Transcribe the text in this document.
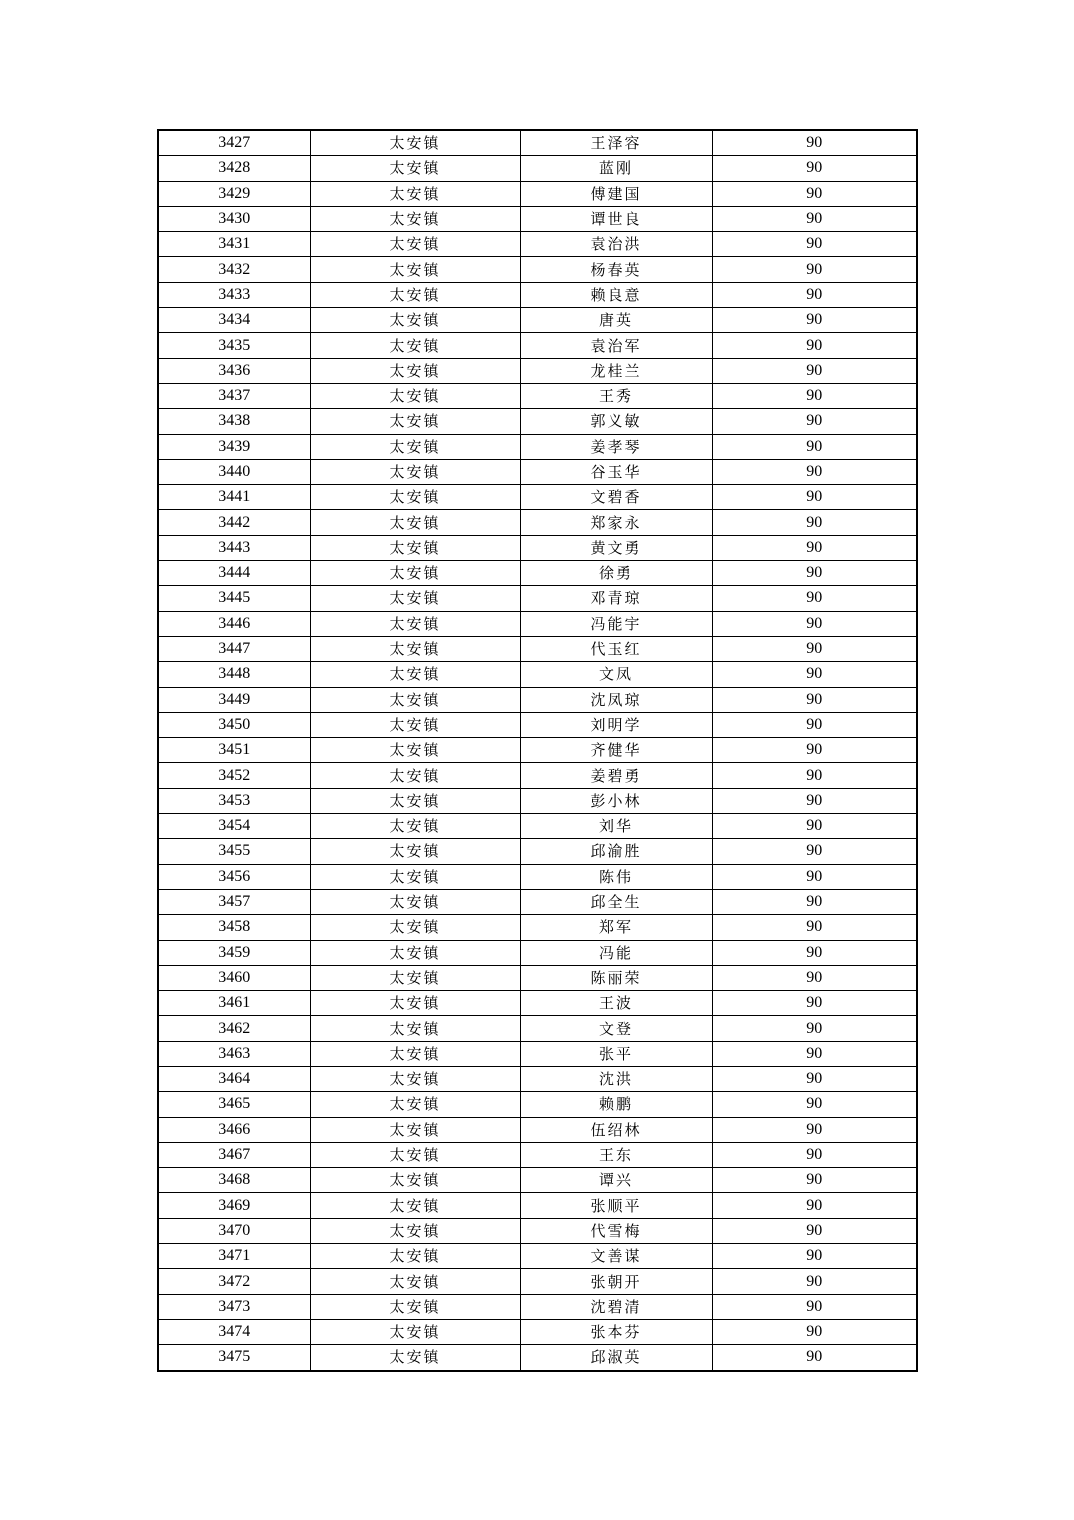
3427	太安镇	王泽容	90
3428	太安镇	蓝刚	90
3429	太安镇	傅建国	90
3430	太安镇	谭世良	90
3431	太安镇	袁治洪	90
3432	太安镇	杨春英	90
3433	太安镇	赖良意	90
3434	太安镇	唐英	90
3435	太安镇	袁治军	90
3436	太安镇	龙桂兰	90
3437	太安镇	王秀	90
3438	太安镇	郭义敏	90
3439	太安镇	姜孝琴	90
3440	太安镇	谷玉华	90
3441	太安镇	文碧香	90
3442	太安镇	郑家永	90
3443	太安镇	黄文勇	90
3444	太安镇	徐勇	90
3445	太安镇	邓青琼	90
3446	太安镇	冯能宇	90
3447	太安镇	代玉红	90
3448	太安镇	文凤	90
3449	太安镇	沈凤琼	90
3450	太安镇	刘明学	90
3451	太安镇	齐健华	90
3452	太安镇	姜碧勇	90
3453	太安镇	彭小林	90
3454	太安镇	刘华	90
3455	太安镇	邱渝胜	90
3456	太安镇	陈伟	90
3457	太安镇	邱全生	90
3458	太安镇	郑军	90
3459	太安镇	冯能	90
3460	太安镇	陈丽荣	90
3461	太安镇	王波	90
3462	太安镇	文登	90
3463	太安镇	张平	90
3464	太安镇	沈洪	90
3465	太安镇	赖鹏	90
3466	太安镇	伍绍林	90
3467	太安镇	王东	90
3468	太安镇	谭兴	90
3469	太安镇	张顺平	90
3470	太安镇	代雪梅	90
3471	太安镇	文善谋	90
3472	太安镇	张朝开	90
3473	太安镇	沈碧清	90
3474	太安镇	张本芬	90
3475	太安镇	邱淑英	90
